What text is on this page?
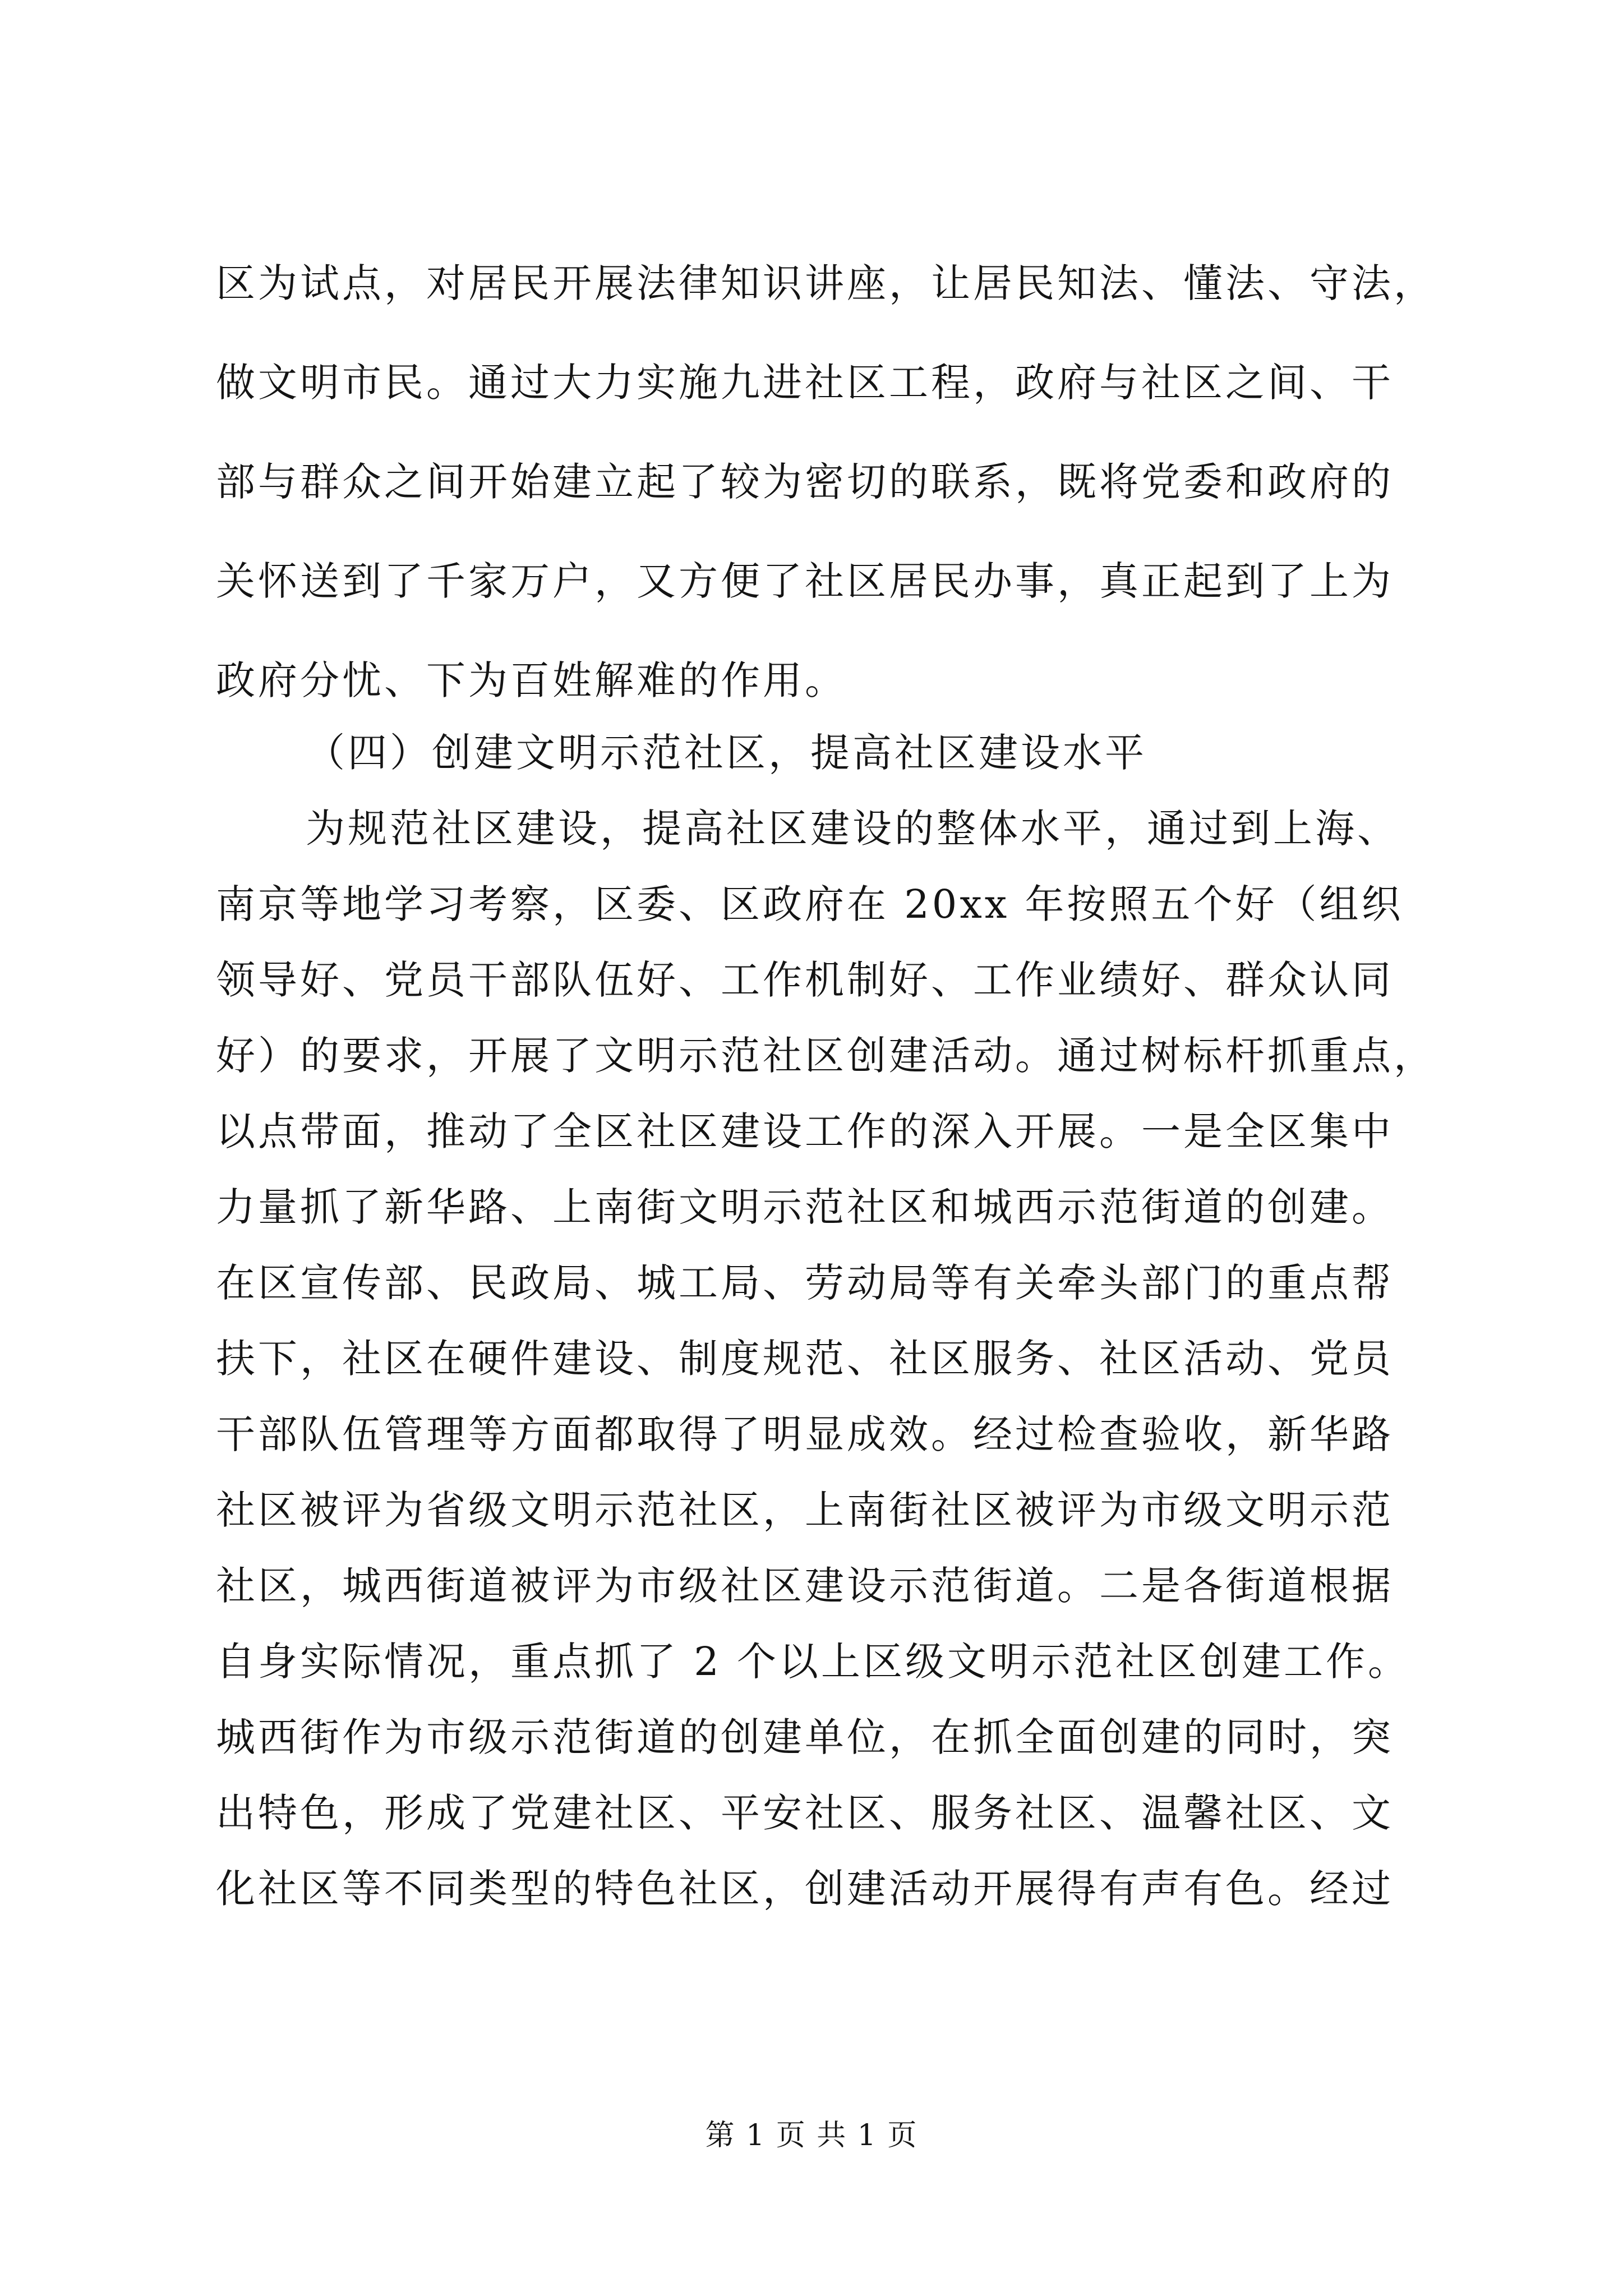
区为试点，对居民开展法律知识讲座，让居民知法、懂法、守法，
做文明市民。通过大力实施九进社区工程，政府与社区之间、干
部与群众之间开始建立起了较为密切的联系，既将党委和政府的
关怀送到了千家万户，又方便了社区居民办事，真正起到了上为
政府分忧、下为百姓解难的作用。
（四）创建文明示范社区，提高社区建设水平
为规范社区建设，提高社区建设的整体水平，通过到上海、
南京等地学习考察，区委、区政府在 20xx 年按照五个好（组织
领导好、党员干部队伍好、工作机制好、工作业绩好、群众认同
好）的要求，开展了文明示范社区创建活动。通过树标杆抓重点，
以点带面，推动了全区社区建设工作的深入开展。一是全区集中
力量抓了新华路、上南街文明示范社区和城西示范街道的创建。
在区宣传部、民政局、城工局、劳动局等有关牵头部门的重点帮
扶下，社区在硬件建设、制度规范、社区服务、社区活动、党员
干部队伍管理等方面都取得了明显成效。经过检查验收，新华路
社区被评为省级文明示范社区，上南街社区被评为市级文明示范
社区，城西街道被评为市级社区建设示范街道。二是各街道根据
自身实际情况，重点抓了 2 个以上区级文明示范社区创建工作。
城西街作为市级示范街道的创建单位，在抓全面创建的同时，突
出特色，形成了党建社区、平安社区、服务社区、温馨社区、文
化社区等不同类型的特色社区，创建活动开展得有声有色。经过
第 1 页 共 1 页
